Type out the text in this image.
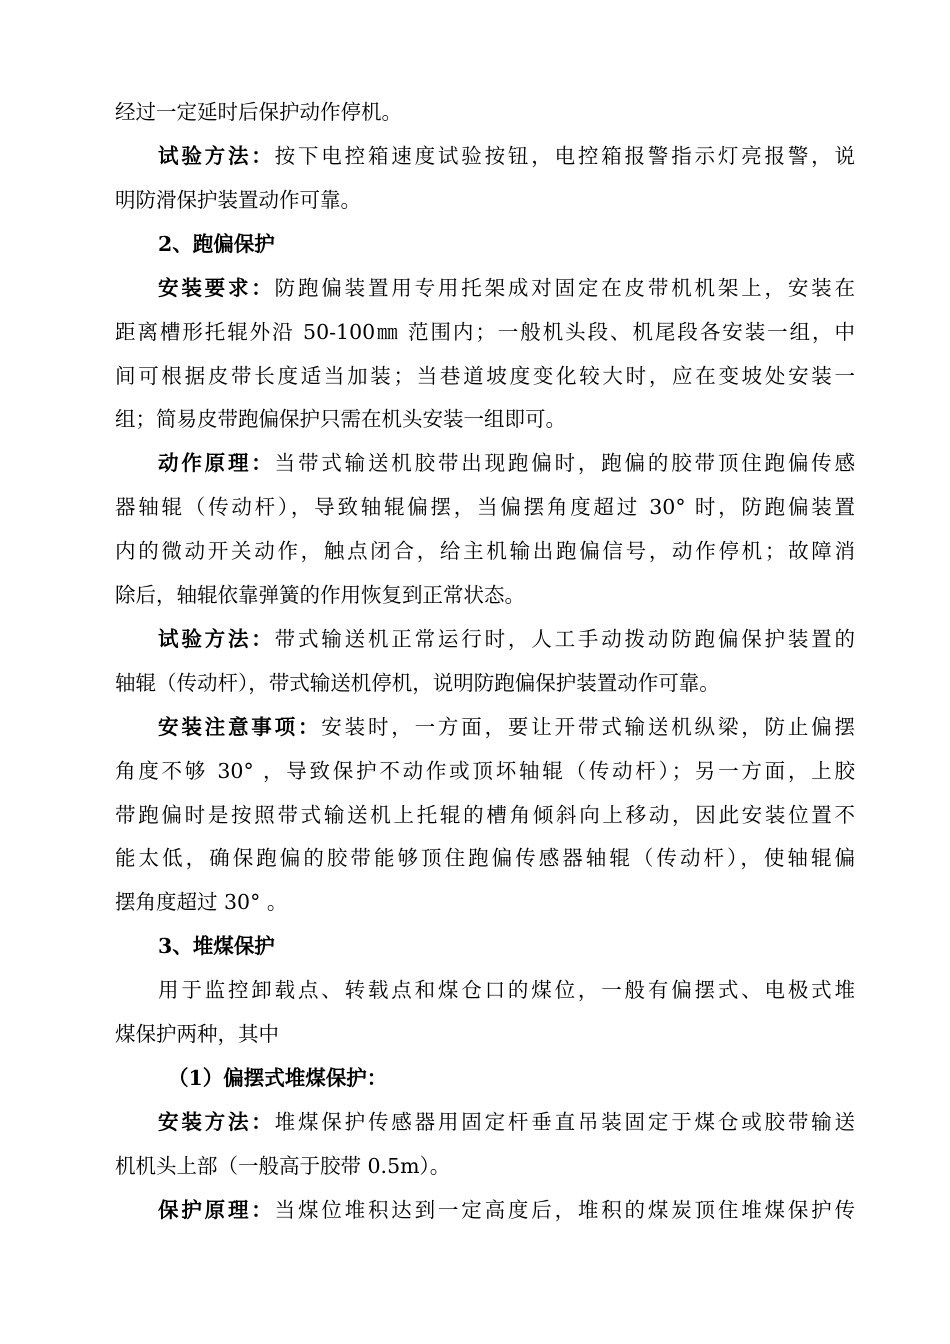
经过一定延时后保护动作停机。
试验方法：按下电控箱速度试验按钮，电控箱报警指示灯亮报警，说
明防滑保护装置动作可靠。
2、跑偏保护
安装要求：防跑偏装置用专用托架成对固定在皮带机机架上，安装在
距离槽形托辊外沿 50-100㎜ 范围内；一般机头段、机尾段各安装一组，中
间可根据皮带长度适当加装；当巷道坡度变化较大时，应在变坡处安装一
组；简易皮带跑偏保护只需在机头安装一组即可。
动作原理：当带式输送机胶带出现跑偏时，跑偏的胶带顶住跑偏传感
器轴辊（传动杆），导致轴辊偏摆，当偏摆角度超过 30° 时，防跑偏装置
内的微动开关动作，触点闭合，给主机输出跑偏信号，动作停机；故障消
除后，轴辊依靠弹簧的作用恢复到正常状态。
试验方法：带式输送机正常运行时，人工手动拨动防跑偏保护装置的
轴辊（传动杆），带式输送机停机，说明防跑偏保护装置动作可靠。
安装注意事项：安装时，一方面，要让开带式输送机纵梁，防止偏摆
角度不够 30° ，导致保护不动作或顶坏轴辊（传动杆）；另一方面，上胶
带跑偏时是按照带式输送机上托辊的槽角倾斜向上移动，因此安装位置不
能太低，确保跑偏的胶带能够顶住跑偏传感器轴辊（传动杆），使轴辊偏
摆角度超过 30° 。
3、堆煤保护
用于监控卸载点、转载点和煤仓口的煤位，一般有偏摆式、电极式堆
煤保护两种，其中
（1）偏摆式堆煤保护：
安装方法：堆煤保护传感器用固定杆垂直吊装固定于煤仓或胶带输送
机机头上部（一般高于胶带 0.5m）。
保护原理：当煤位堆积达到一定高度后，堆积的煤炭顶住堆煤保护传
